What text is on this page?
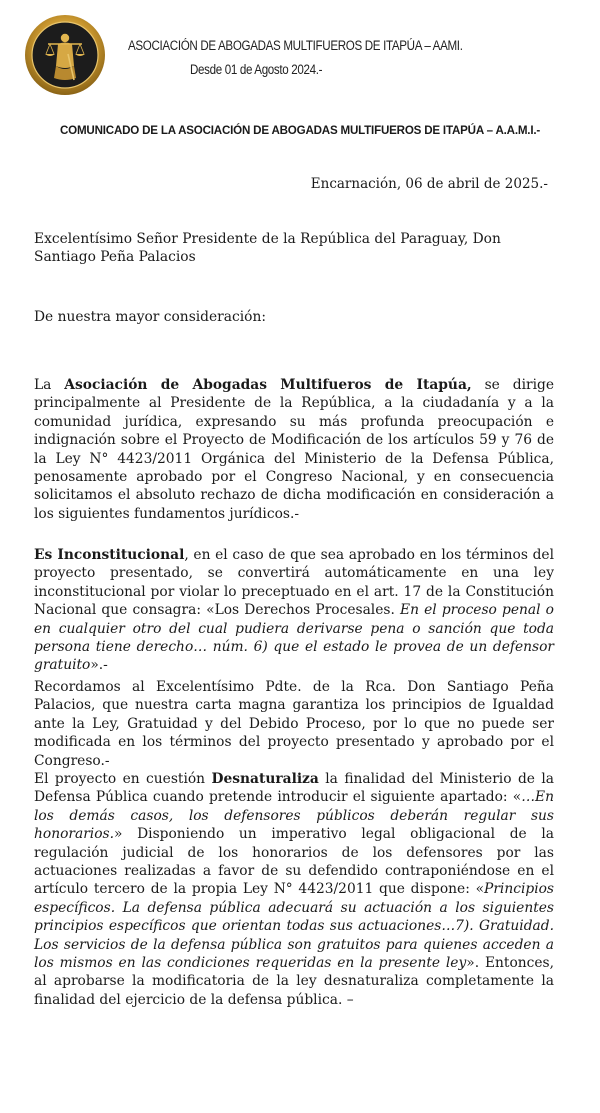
ASOCIACIÓN DE ABOGADAS MULTIFUEROS DE ITAPÚA – AAMI.
Desde 01 de Agosto 2024.-
COMUNICADO DE LA ASOCIACIÓN DE ABOGADAS MULTIFUEROS DE ITAPÚA – A.A.M.I.-
Encarnación, 06 de abril de 2025.-
Excelentísimo Señor Presidente de la República del Paraguay, Don Santiago Peña Palacios
De nuestra mayor consideración:

La Asociación de Abogadas Multifueros de Itapúa, se dirige principalmente al Presidente de la República, a la ciudadanía y a la comunidad jurídica, expresando su más profunda preocupación e indignación sobre el Proyecto de Modificación de los artículos 59 y 76 de la Ley N° 4423/2011 Orgánica del Ministerio de la Defensa Pública, penosamente aprobado por el Congreso Nacional, y en consecuencia solicitamos el absoluto rechazo de dicha modificación en consideración a los siguientes fundamentos jurídicos.-

Es Inconstitucional, en el caso de que sea aprobado en los términos del proyecto presentado, se convertirá automáticamente en una ley inconstitucional por violar lo preceptuado en el art. 17 de la Constitución Nacional que consagra: «Los Derechos Procesales. En el proceso penal o en cualquier otro del cual pudiera derivarse pena o sanción que toda persona tiene derecho… núm. 6) que el estado le provea de un defensor gratuito».-

Recordamos al Excelentísimo Pdte. de la Rca. Don Santiago Peña Palacios, que nuestra carta magna garantiza los principios de Igualdad ante la Ley, Gratuidad y del Debido Proceso, por lo que no puede ser modificada en los términos del proyecto presentado y aprobado por el Congreso.-

El proyecto en cuestión Desnaturaliza la finalidad del Ministerio de la Defensa Pública cuando pretende introducir el siguiente apartado: «…En los demás casos, los defensores públicos deberán regular sus honorarios.» Disponiendo un imperativo legal obligacional de la regulación judicial de los honorarios de los defensores por las actuaciones realizadas a favor de su defendido contraponiéndose en el artículo tercero de la propia Ley N° 4423/2011 que dispone: «Principios específicos. La defensa pública adecuará su actuación a los siguientes principios específicos que orientan todas sus actuaciones…7). Gratuidad. Los servicios de la defensa pública son gratuitos para quienes acceden a los mismos en las condiciones requeridas en la presente ley». Entonces, al aprobarse la modificatoria de la ley desnaturaliza completamente la finalidad del ejercicio de la defensa pública. –
